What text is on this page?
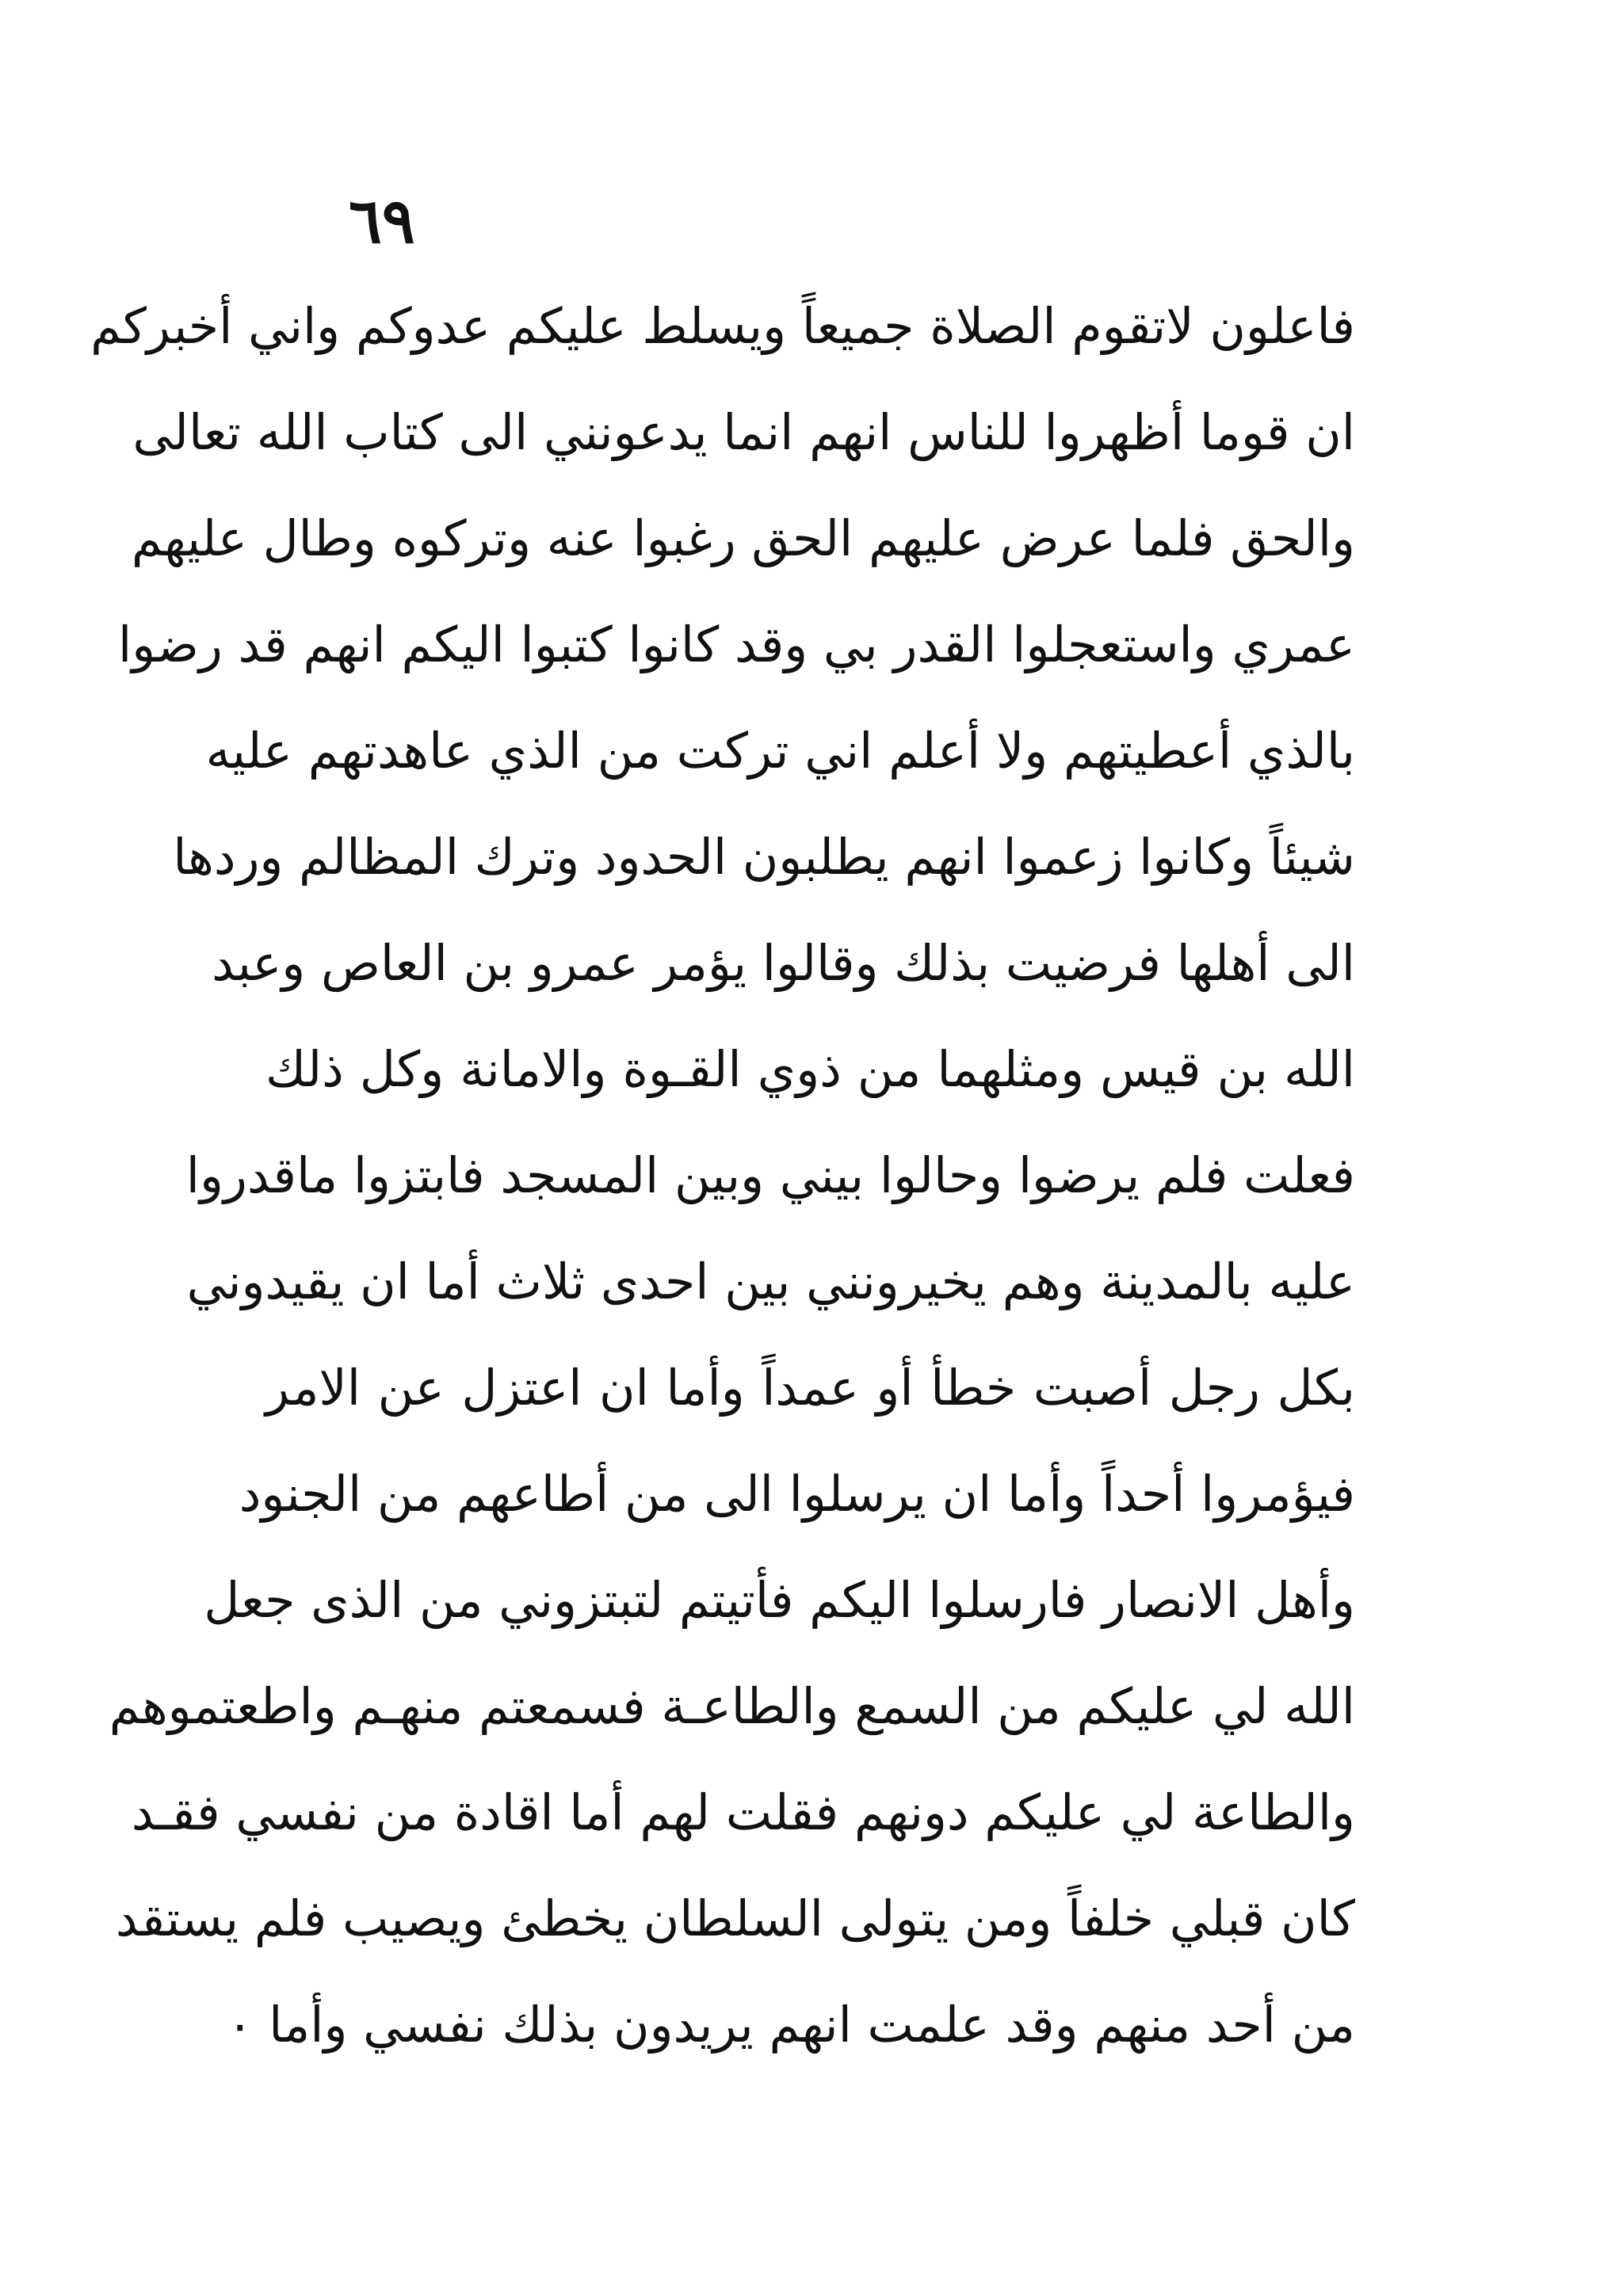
٦٩
فاعلون لاتقوم الصلاة جميعاً ويسلط عليكم عدوكم واني أخبركم
ان قوما أظهروا للناس انهم انما يدعونني الى كتاب الله تعالى
والحق فلما عرض عليهم الحق رغبوا عنه وتركوه وطال عليهم
عمري واستعجلوا القدر بي وقد كانوا كتبوا اليكم انهم قد رضوا
بالذي أعطيتهم ولا أعلم اني تركت من الذي عاهدتهم عليه
شيئاً وكانوا زعموا انهم يطلبون الحدود وترك المظالم وردها
الى أهلها فرضيت بذلك وقالوا يؤمر عمرو بن العاص وعبد
الله بن قيس ومثلهما من ذوي القـوة والامانة وكل ذلك
فعلت فلم يرضوا وحالوا بيني وبين المسجد فابتزوا ماقدروا
عليه بالمدينة وهم يخيرونني بين احدى ثلاث أما ان يقيدوني
بكل رجل أصبت خطأ أو عمداً وأما ان اعتزل عن الامر
فيؤمروا أحداً وأما ان يرسلوا الى من أطاعهم من الجنود
وأهل الانصار فارسلوا اليكم فأتيتم لتبتزوني من الذى جعل
الله لي عليكم من السمع والطاعـة فسمعتم منهـم واطعتموهم
والطاعة لي عليكم دونهم فقلت لهم أما اقادة من نفسي فقـد
كان قبلي خلفاً ومن يتولى السلطان يخطئ ويصيب فلم يستقد
من أحد منهم وقد علمت انهم يريدون بذلك نفسي وأما ٠
